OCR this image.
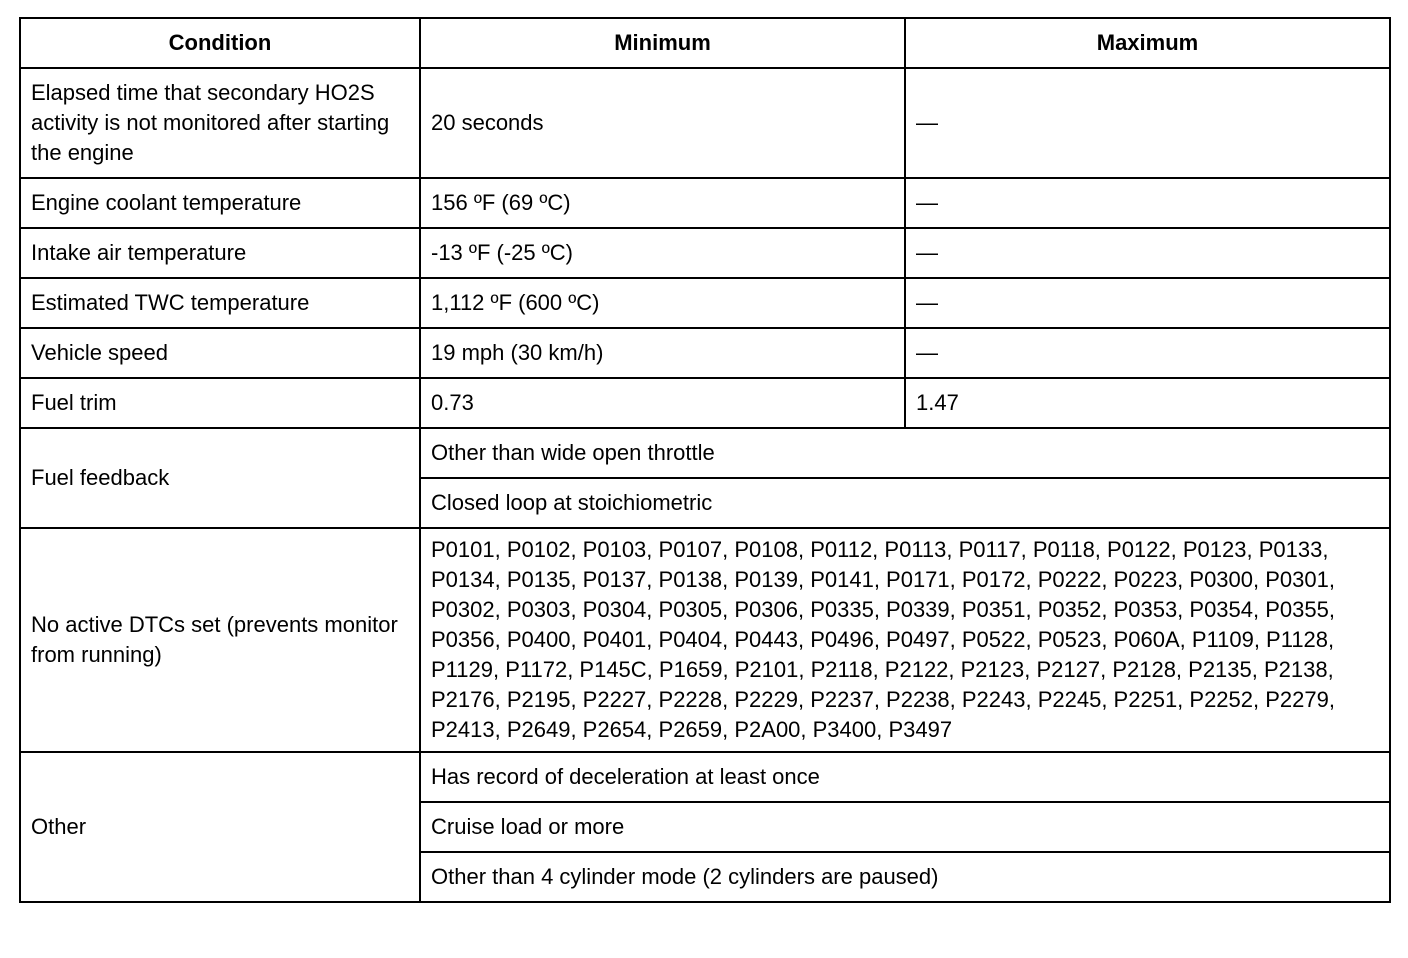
Condition	Minimum	Maximum
Elapsed time that secondary HO2S activity is not monitored after starting the engine	20 seconds	—
Engine coolant temperature	156 ºF (69 ºC)	—
Intake air temperature	-13 ºF (-25 ºC)	—
Estimated TWC temperature	1,112 ºF (600 ºC)	—
Vehicle speed	19 mph (30 km/h)	—
Fuel trim	0.73	1.47
Fuel feedback	Other than wide open throttle	
	Closed loop at stoichiometric	
No active DTCs set (prevents monitor from running)	P0101, P0102, P0103, P0107, P0108, P0112, P0113, P0117, P0118, P0122, P0123, P0133, P0134, P0135, P0137, P0138, P0139, P0141, P0171, P0172, P0222, P0223, P0300, P0301, P0302, P0303, P0304, P0305, P0306, P0335, P0339, P0351, P0352, P0353, P0354, P0355, P0356, P0400, P0401, P0404, P0443, P0496, P0497, P0522, P0523, P060A, P1109, P1128, P1129, P1172, P145C, P1659, P2101, P2118, P2122, P2123, P2127, P2128, P2135, P2138, P2176, P2195, P2227, P2228, P2229, P2237, P2238, P2243, P2245, P2251, P2252, P2279, P2413, P2649, P2654, P2659, P2A00, P3400, P3497	
Other	Has record of deceleration at least once	
	Cruise load or more	
	Other than 4 cylinder mode (2 cylinders are paused)	
